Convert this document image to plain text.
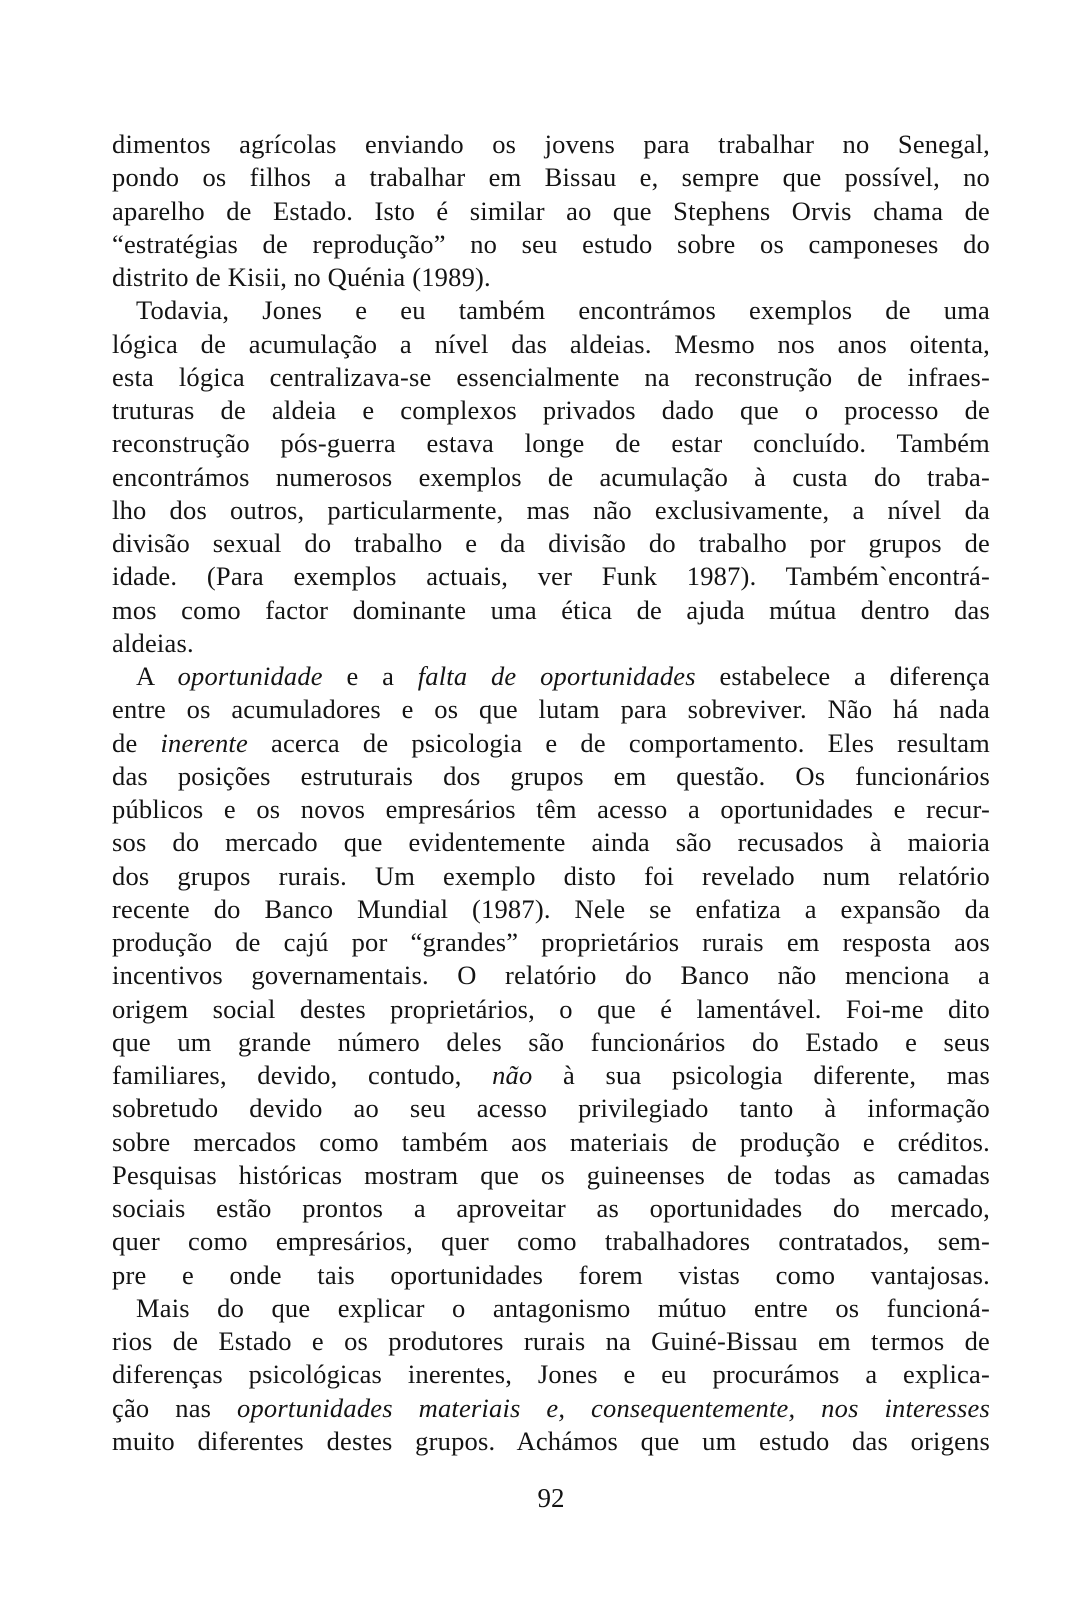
dimentos agrícolas enviando os jovens para trabalhar no Senegal,
pondo os filhos a trabalhar em Bissau e, sempre que possível, no
aparelho de Estado. Isto é similar ao que Stephens Orvis chama de
“estratégias de reprodução” no seu estudo sobre os camponeses do
distrito de Kisii, no Quénia (1989).
Todavia, Jones e eu também encontrámos exemplos de uma
lógica de acumulação a nível das aldeias. Mesmo nos anos oitenta,
esta lógica centralizava-se essencialmente na reconstrução de infraes-
truturas de aldeia e complexos privados dado que o processo de
reconstrução pós-guerra estava longe de estar concluído. Também
encontrámos numerosos exemplos de acumulação à custa do traba-
lho dos outros, particularmente, mas não exclusivamente, a nível da
divisão sexual do trabalho e da divisão do trabalho por grupos de
idade. (Para exemplos actuais, ver Funk 1987). Também`encontrá-
mos como factor dominante uma ética de ajuda mútua dentro das
aldeias.
A oportunidade e a falta de oportunidades estabelece a diferença
entre os acumuladores e os que lutam para sobreviver. Não há nada
de inerente acerca de psicologia e de comportamento. Eles resultam
das posições estruturais dos grupos em questão. Os funcionários
públicos e os novos empresários têm acesso a oportunidades e recur-
sos do mercado que evidentemente ainda são recusados à maioria
dos grupos rurais. Um exemplo disto foi revelado num relatório
recente do Banco Mundial (1987). Nele se enfatiza a expansão da
produção de cajú por “grandes” proprietários rurais em resposta aos
incentivos governamentais. O relatório do Banco não menciona a
origem social destes proprietários, o que é lamentável. Foi-me dito
que um grande número deles são funcionários do Estado e seus
familiares, devido, contudo, não à sua psicologia diferente, mas
sobretudo devido ao seu acesso privilegiado tanto à informação
sobre mercados como também aos materiais de produção e créditos.
Pesquisas históricas mostram que os guineenses de todas as camadas
sociais estão prontos a aproveitar as oportunidades do mercado,
quer como empresários, quer como trabalhadores contratados, sem-
pre e onde tais oportunidades forem vistas como vantajosas.
Mais do que explicar o antagonismo mútuo entre os funcioná-
rios de Estado e os produtores rurais na Guiné-Bissau em termos de
diferenças psicológicas inerentes, Jones e eu procurámos a explica-
ção nas oportunidades materiais e, consequentemente, nos interesses
muito diferentes destes grupos. Achámos que um estudo das origens
92
